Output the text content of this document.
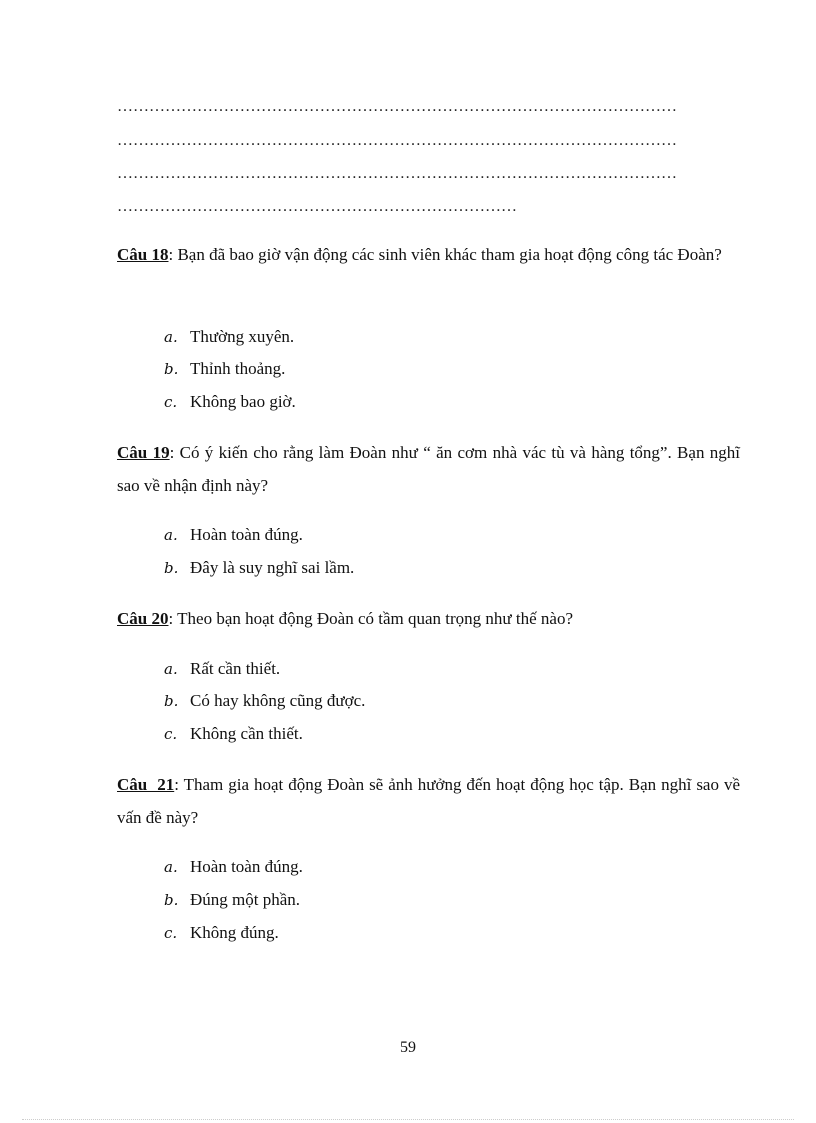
……………………………………………………………………………………………
……………………………………………………………………………………………
……………………………………………………………………………………………
…………………………………………………………………
Câu 18: Bạn đã bao giờ vận động các sinh viên khác tham gia hoạt động công tác Đoàn?
a. Thường xuyên.
b. Thỉnh thoảng.
c. Không bao giờ.
Câu 19: Có ý kiến cho rằng làm Đoàn như “ ăn cơm nhà vác tù và hàng tổng”. Bạn nghĩ sao về nhận định này?
a. Hoàn toàn đúng.
b. Đây là suy nghĩ sai lầm.
Câu 20: Theo bạn hoạt động Đoàn có tầm quan trọng như thế nào?
a. Rất cần thiết.
b. Có hay không cũng được.
c. Không cần thiết.
Câu  21: Tham gia hoạt động Đoàn sẽ ảnh hưởng đến hoạt động học tập. Bạn nghĩ sao về vấn đề này?
a. Hoàn toàn đúng.
b. Đúng một phần.
c. Không đúng.
59
